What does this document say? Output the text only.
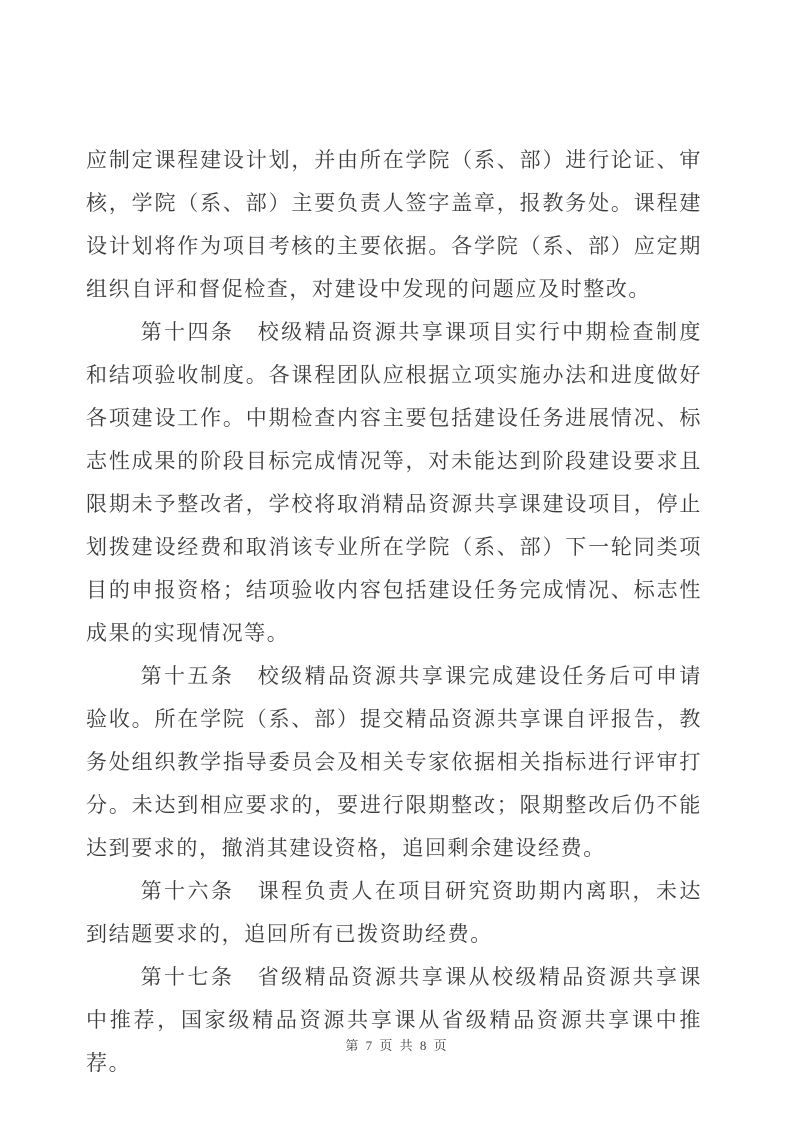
应制定课程建设计划，并由所在学院（系、部）进行论证、审核，学院（系、部）主要负责人签字盖章，报教务处。课程建设计划将作为项目考核的主要依据。各学院（系、部）应定期组织自评和督促检查，对建设中发现的问题应及时整改。

第十四条　校级精品资源共享课项目实行中期检查制度和结项验收制度。各课程团队应根据立项实施办法和进度做好各项建设工作。中期检查内容主要包括建设任务进展情况、标志性成果的阶段目标完成情况等，对未能达到阶段建设要求且限期未予整改者，学校将取消精品资源共享课建设项目，停止划拨建设经费和取消该专业所在学院（系、部）下一轮同类项目的申报资格；结项验收内容包括建设任务完成情况、标志性成果的实现情况等。

第十五条　校级精品资源共享课完成建设任务后可申请验收。所在学院（系、部）提交精品资源共享课自评报告，教务处组织教学指导委员会及相关专家依据相关指标进行评审打分。未达到相应要求的，要进行限期整改；限期整改后仍不能达到要求的，撤消其建设资格，追回剩余建设经费。

第十六条　课程负责人在项目研究资助期内离职，未达到结题要求的，追回所有已拨资助经费。

第十七条　省级精品资源共享课从校级精品资源共享课中推荐，国家级精品资源共享课从省级精品资源共享课中推荐。

第 7 页 共 8 页
